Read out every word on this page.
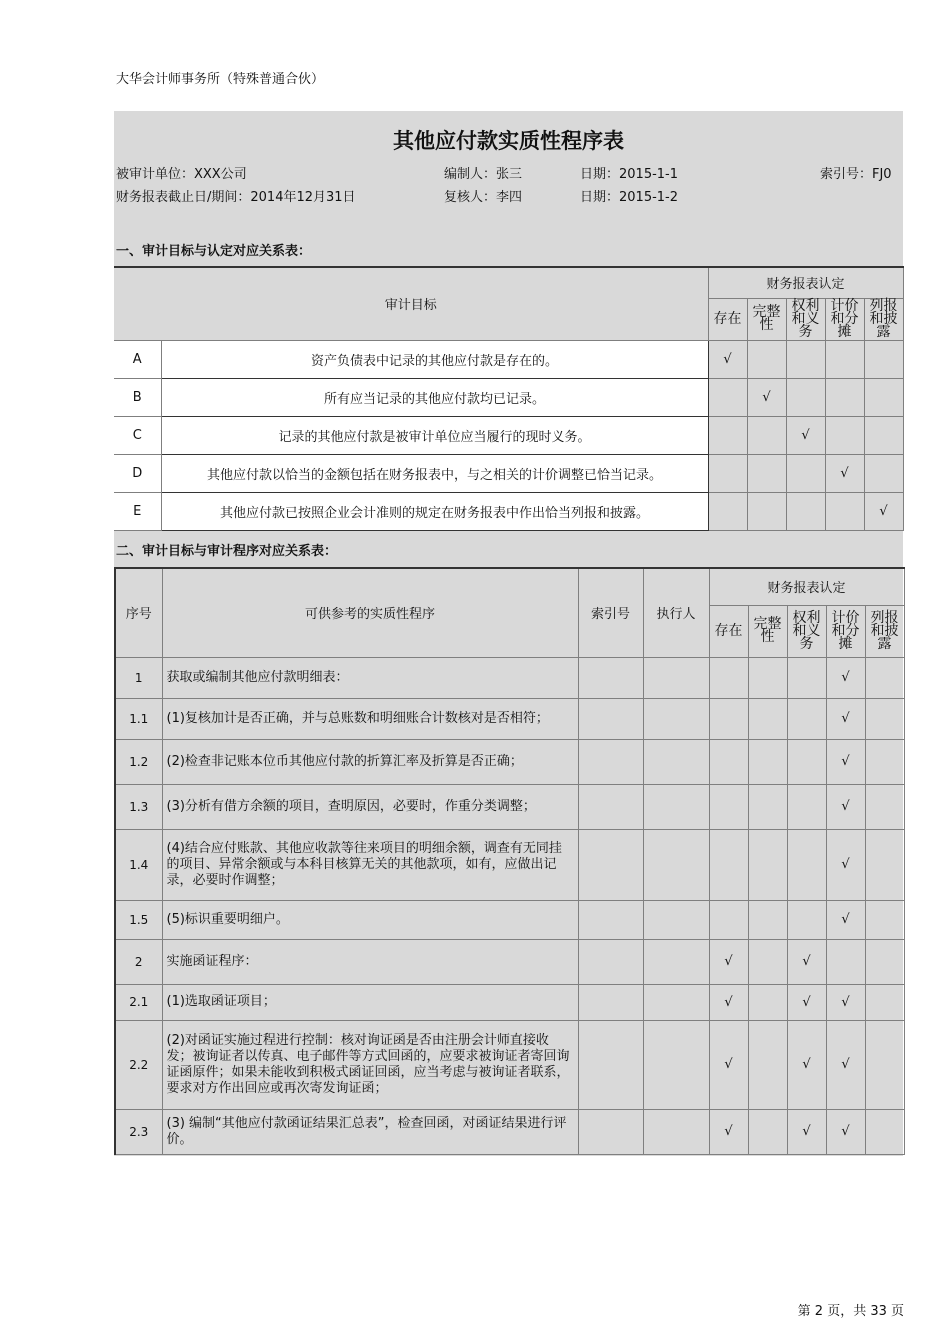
大华会计师事务所（特殊普通合伙）
其他应付款实质性程序表
被审计单位：XXX公司	编制人：张三	日期：2015-1-1	索引号：FJ0
财务报表截止日/期间：2014年12月31日	复核人：李四	日期：2015-1-2
一、审计目标与认定对应关系表：
审计目标		财务报表认定				
		存在	完整性	权利和义务	计价和分摊	列报和披露
A	资产负债表中记录的其他应付款是存在的。	√				
B	所有应当记录的其他应付款均已记录。		√			
C	记录的其他应付款是被审计单位应当履行的现时义务。			√		
D	其他应付款以恰当的金额包括在财务报表中，与之相关的计价调整已恰当记录。				√	
E	其他应付款已按照企业会计准则的规定在财务报表中作出恰当列报和披露。					√
二、审计目标与审计程序对应关系表：
序号	可供参考的实质性程序	索引号	执行人	财务报表认定				
				存在	完整性	权利和义务	计价和分摊	列报和披露
1	获取或编制其他应付款明细表：						√	
1.1	(1)复核加计是否正确，并与总账数和明细账合计数核对是否相符；						√	
1.2	(2)检查非记账本位币其他应付款的折算汇率及折算是否正确；						√	
1.3	(3)分析有借方余额的项目，查明原因，必要时，作重分类调整；						√	
1.4	(4)结合应付账款、其他应收款等往来项目的明细余额，调查有无同挂的项目、异常余额或与本科目核算无关的其他款项，如有，应做出记录，必要时作调整；						√	
1.5	(5)标识重要明细户。						√	
2	实施函证程序：			√		√		
2.1	(1)选取函证项目；			√		√	√	
2.2	(2)对函证实施过程进行控制：核对询证函是否由注册会计师直接收发；被询证者以传真、电子邮件等方式回函的，应要求被询证者寄回询证函原件；如果未能收到积极式函证回函，应当考虑与被询证者联系，要求对方作出回应或再次寄发询证函；			√		√	√	
2.3	(3) 编制“其他应付款函证结果汇总表”，检查回函，对函证结果进行评价。			√		√	√	
第 2 页，共 33 页
